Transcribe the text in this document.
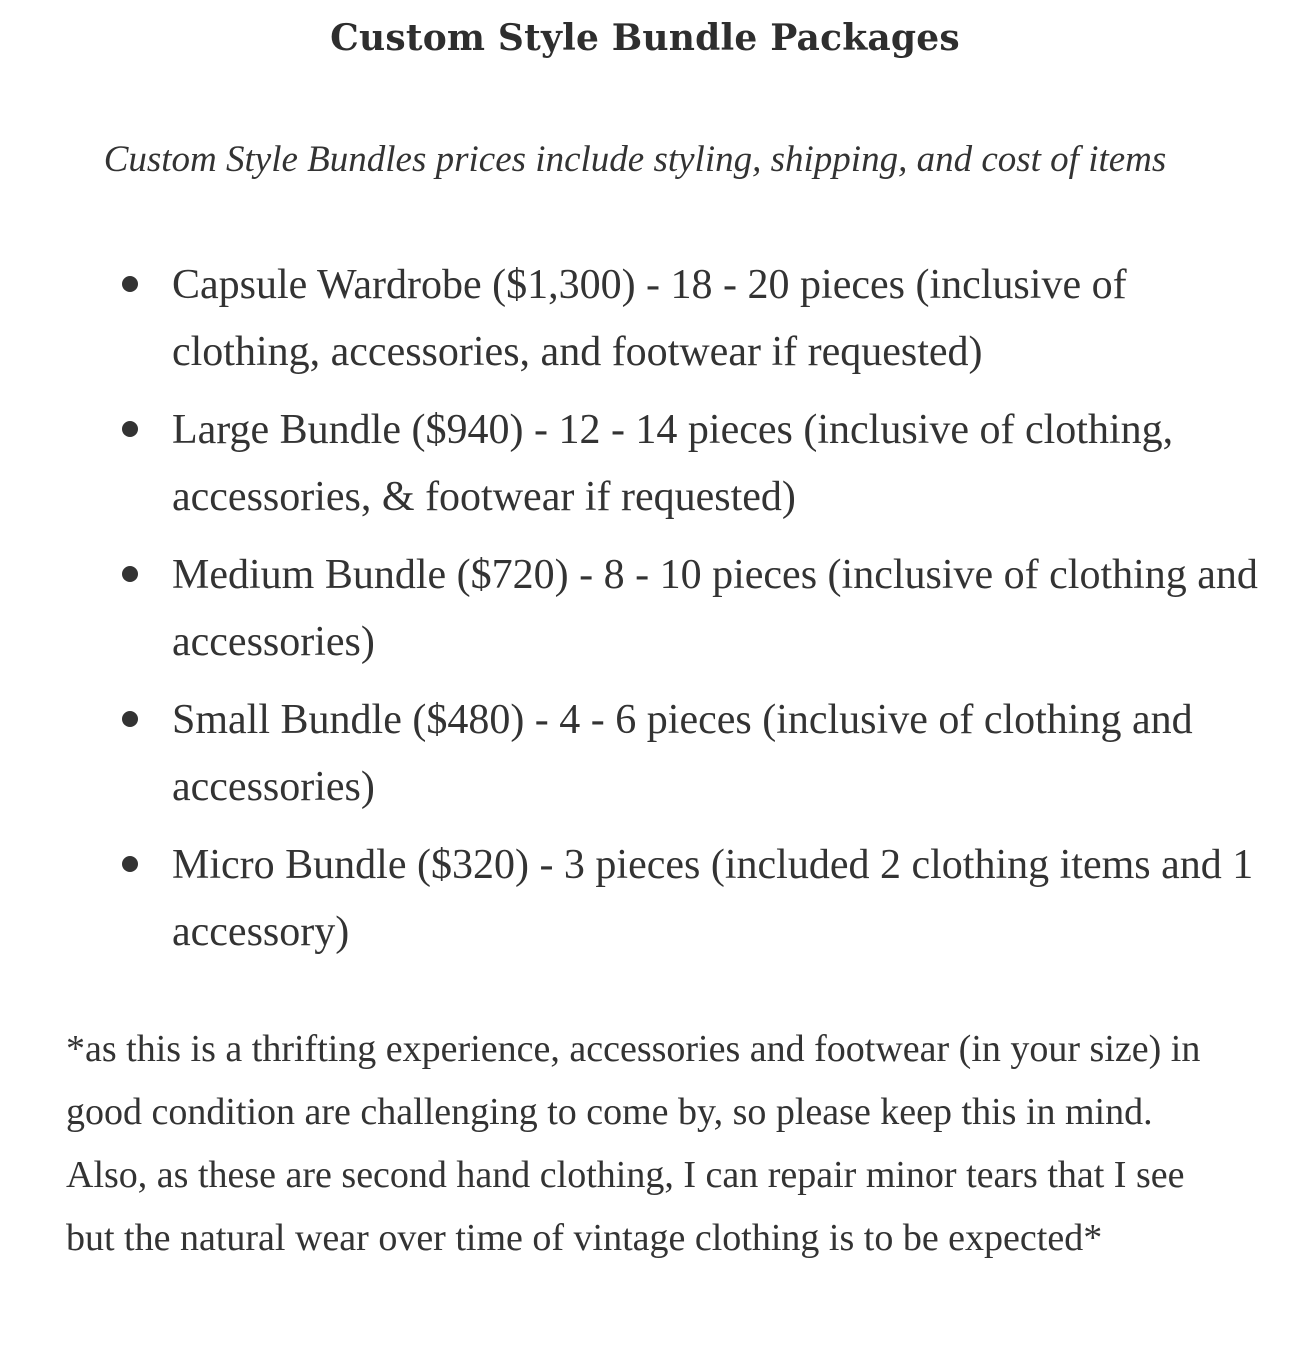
Custom Style Bundle Packages

Custom Style Bundles prices include styling, shipping, and cost of items

Capsule Wardrobe ($1,300) - 18 - 20 pieces (inclusive of clothing, accessories, and footwear if requested)
Large Bundle ($940) - 12 - 14 pieces (inclusive of clothing, accessories, & footwear if requested)
Medium Bundle ($720) - 8 - 10 pieces (inclusive of clothing and accessories)
Small Bundle ($480) - 4 - 6 pieces (inclusive of clothing and accessories)
Micro Bundle ($320) - 3 pieces (included 2 clothing items and 1 accessory)

*as this is a thrifting experience, accessories and footwear (in your size) in good condition are challenging to come by, so please keep this in mind. Also, as these are second hand clothing, I can repair minor tears that I see but the natural wear over time of vintage clothing is to be expected*
